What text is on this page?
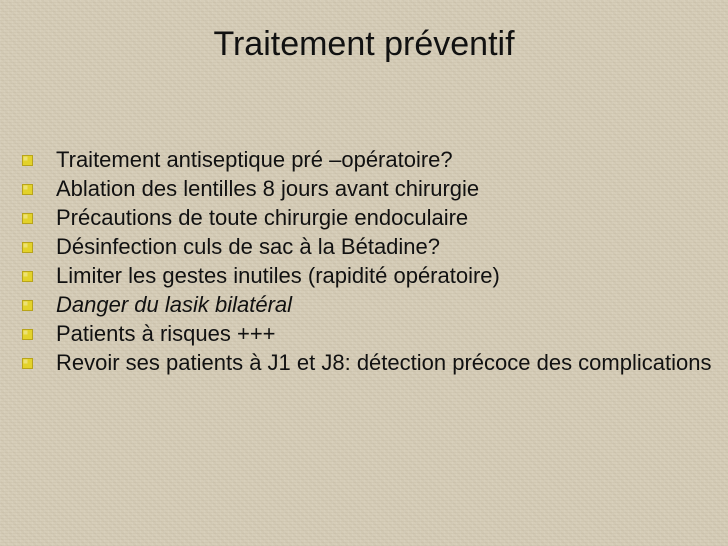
Traitement préventif
Traitement antiseptique pré –opératoire?
Ablation des lentilles 8 jours avant chirurgie
Précautions de toute chirurgie endoculaire
Désinfection culs de sac à la Bétadine?
Limiter les gestes inutiles (rapidité opératoire)
Danger du lasik bilatéral
Patients à risques +++
Revoir ses patients à J1 et J8: détection précoce des complications
